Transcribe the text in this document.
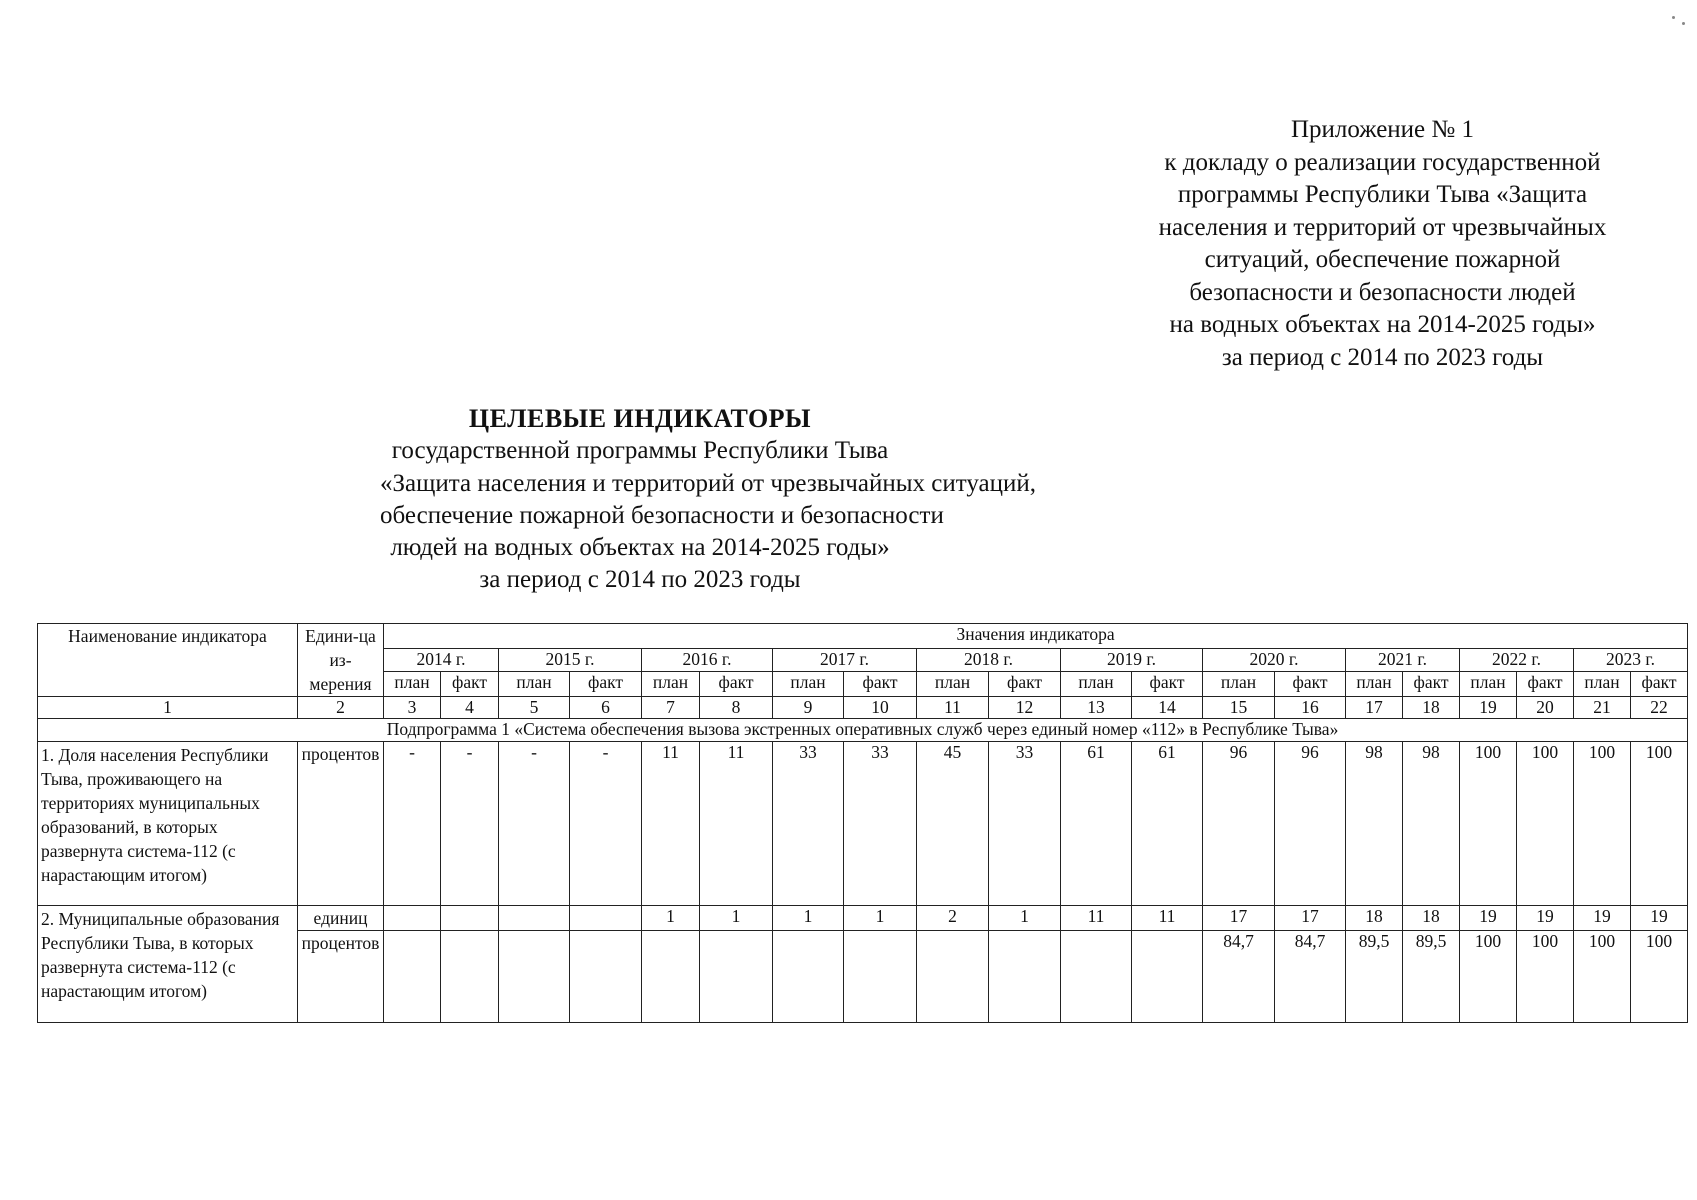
Приложение № 1
к докладу о реализации государственной
программы Республики Тыва «Защита
населения и территорий от чрезвычайных
ситуаций, обеспечение пожарной
безопасности и безопасности людей
на водных объектах на 2014-2025 годы»
за период с 2014 по 2023 годы
ЦЕЛЕВЫЕ ИНДИКАТОРЫ
государственной программы Республики Тыва
«Защита населения и территорий от чрезвычайных ситуаций,
обеспечение пожарной безопасности и безопасности
людей на водных объектах на 2014-2025 годы»
за период с 2014 по 2023 годы
Наименование индикатора	Едини-ца из-мерения	Значения индикатора																			
		2014 г.		2015 г.		2016 г.		2017 г.		2018 г.		2019 г.		2020 г.		2021 г.		2022 г.		2023 г.	
		план	факт	план	факт	план	факт	план	факт	план	факт	план	факт	план	факт	план	факт	план	факт	план	факт
1	2	3	4	5	6	7	8	9	10	11	12	13	14	15	16	17	18	19	20	21	22
Подпрограмма 1 «Система обеспечения вызова экстренных оперативных служб через единый номер «112» в Республике Тыва»																					
1. Доля населения Республики Тыва, проживающего на территориях муниципальных образований, в которых развернута система-112 (с нарастающим итогом)	процентов	-	-	-	-	11	11	33	33	45	33	61	61	96	96	98	98	100	100	100	100
2. Муниципальные образования Республики Тыва, в которых развернута система-112 (с нарастающим итогом)	единиц					1	1	1	1	2	1	11	11	17	17	18	18	19	19	19	19
	процентов													84,7	84,7	89,5	89,5	100	100	100	100
